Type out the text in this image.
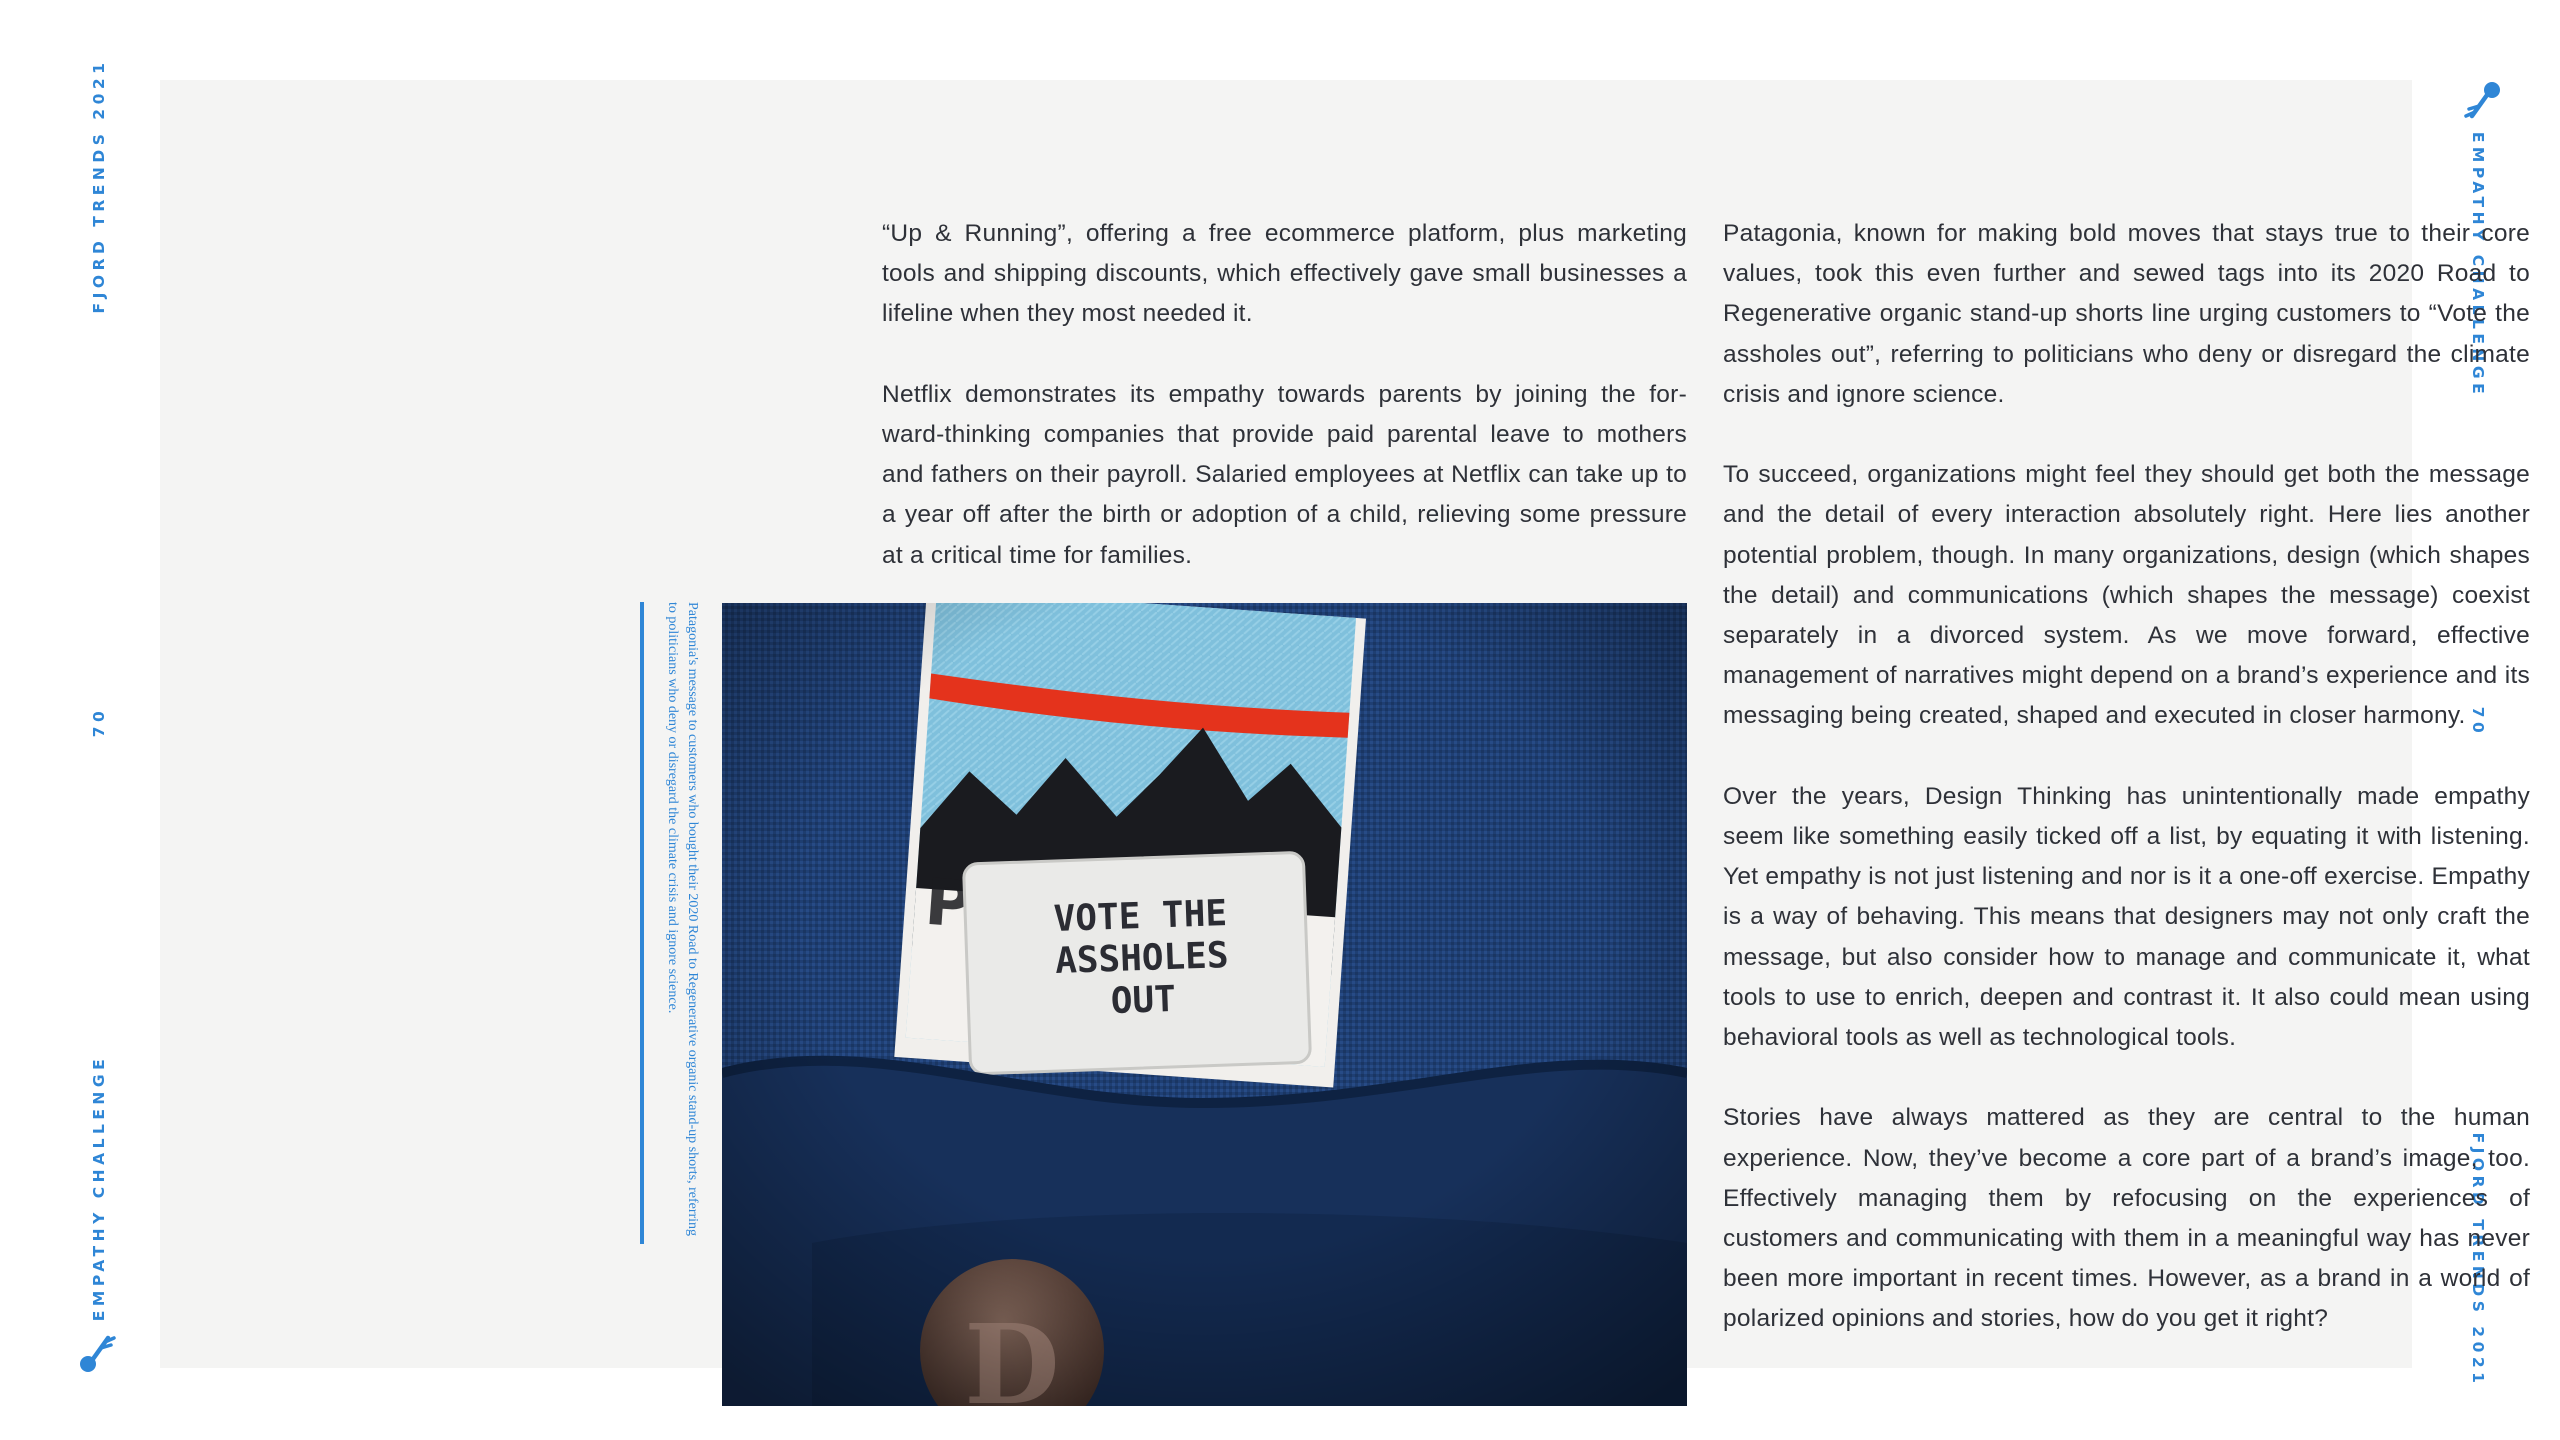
FJORD TRENDS 2021
70
EMPATHY CHALLENGE
EMPATHY CHALLENGE
70
FJORD TRENDS 2021

“Up & Running”, offering a free ecommerce platform, plus marketing tools and shipping discounts, which effectively gave small businesses a lifeline when they most needed it.

Netflix demonstrates its empathy towards parents by joining the for-ward-thinking companies that provide paid parental leave to mothers and fathers on their payroll. Salaried employees at Netflix can take up to a year off after the birth or adoption of a child, relieving some pressure at a critical time for families.

Patagonia, known for making bold moves that stays true to their core values, took this even further and sewed tags into its 2020 Road to Regenerative organic stand-up shorts line urging customers to “Vote the assholes out”, referring to politicians who deny or disregard the climate crisis and ignore science.

To succeed, organizations might feel they should get both the message and the detail of every interaction absolutely right. Here lies another potential problem, though. In many organizations, design (which shapes the detail) and communications (which shapes the message) coexist separately in a divorced system. As we move forward, effective management of narratives might depend on a brand’s experience and its messaging being created, shaped and executed in closer harmony.

Over the years, Design Thinking has unintentionally made empathy seem like something easily ticked off a list, by equating it with listening. Yet empathy is not just listening and nor is it a one-off exercise. Empathy is a way of behaving. This means that designers may not only craft the message, but also consider how to manage and communicate it, what tools to use to enrich, deepen and contrast it. It also could mean using behavioral tools as well as technological tools.

Stories have always mattered as they are central to the human experience. Now, they’ve become a core part of a brand’s image, too. Effectively managing them by refocusing on the experiences of customers and communicating with them in a meaningful way has never been more important in recent times. However, as a brand in a world of polarized opinions and stories, how do you get it right?

Patagonia's message to customers who bought their 2020 Road to Regenerative organic stand-up shorts, referring to politicians who deny or disregard the climate crisis and ignore science.
